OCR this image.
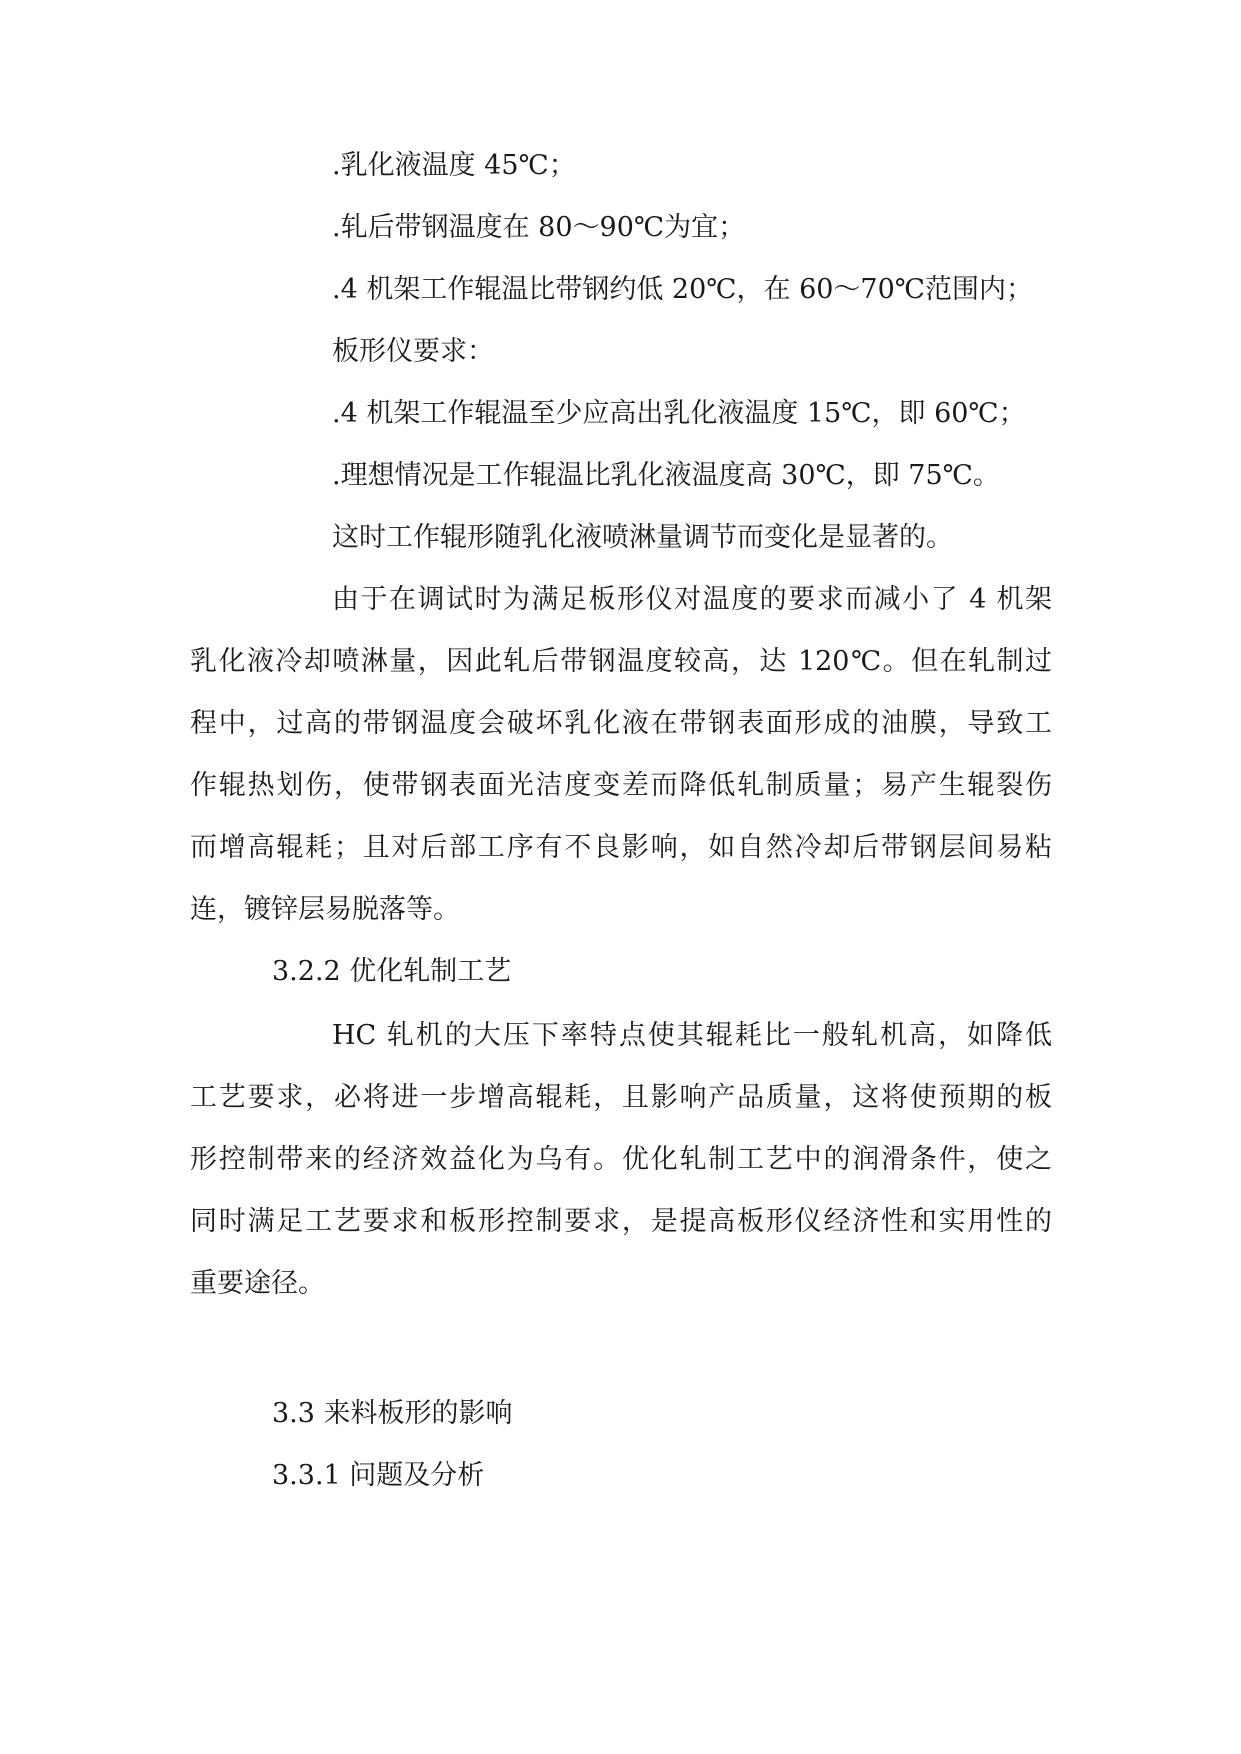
.乳化液温度 45℃；
.轧后带钢温度在 80～90℃为宜；
.4 机架工作辊温比带钢约低 20℃，在 60～70℃范围内；
板形仪要求：
.4 机架工作辊温至少应高出乳化液温度 15℃，即 60℃；
.理想情况是工作辊温比乳化液温度高 30℃，即 75℃。
这时工作辊形随乳化液喷淋量调节而变化是显著的。
由于在调试时为满足板形仪对温度的要求而减小了 4 机架
乳化液冷却喷淋量，因此轧后带钢温度较高，达 120℃。但在轧制过
程中，过高的带钢温度会破坏乳化液在带钢表面形成的油膜，导致工
作辊热划伤，使带钢表面光洁度变差而降低轧制质量；易产生辊裂伤
而增高辊耗；且对后部工序有不良影响，如自然冷却后带钢层间易粘
连，镀锌层易脱落等。
3.2.2 优化轧制工艺
HC 轧机的大压下率特点使其辊耗比一般轧机高，如降低
工艺要求，必将进一步增高辊耗，且影响产品质量，这将使预期的板
形控制带来的经济效益化为乌有。优化轧制工艺中的润滑条件，使之
同时满足工艺要求和板形控制要求，是提高板形仪经济性和实用性的
重要途径。
3.3 来料板形的影响
3.3.1 问题及分析
